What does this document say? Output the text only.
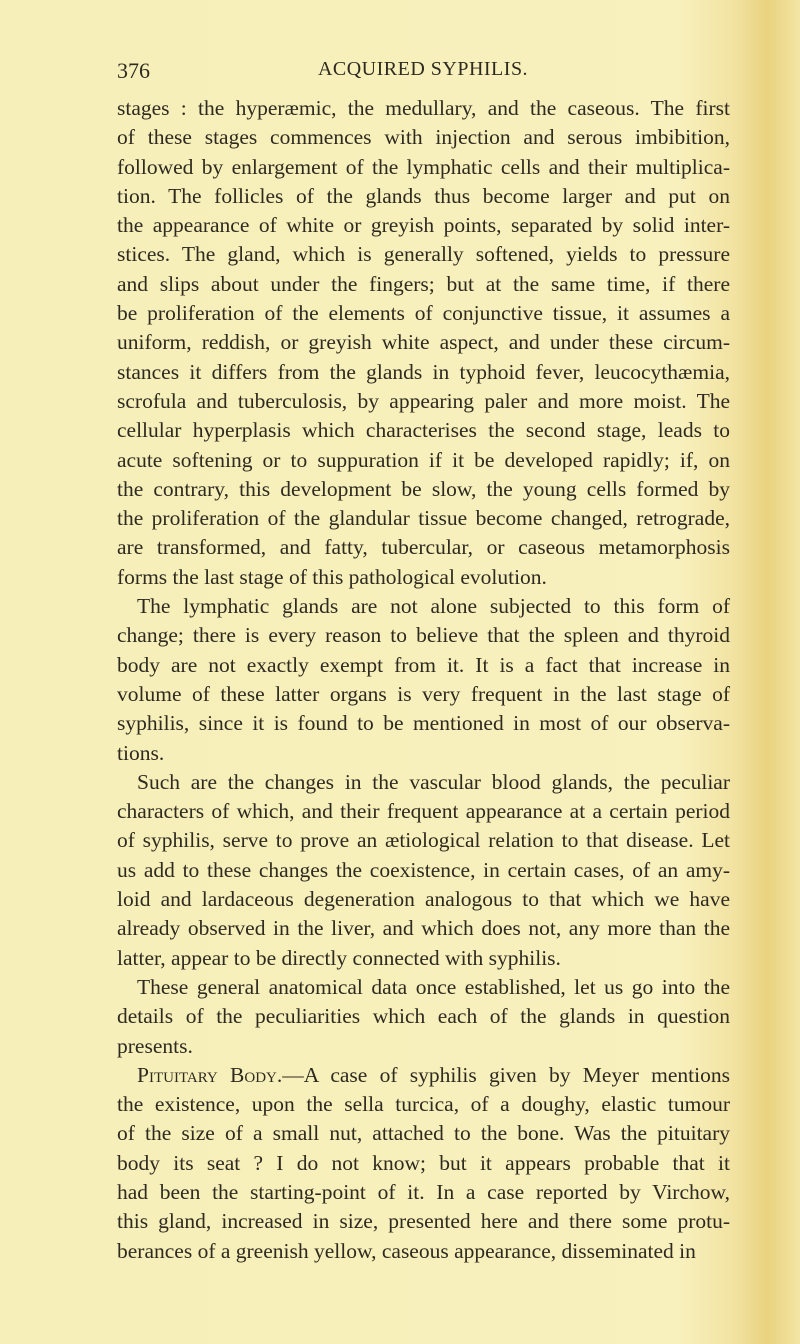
376	ACQUIRED SYPHILIS.
stages : the hyperæmic, the medullary, and the caseous. The first
of these stages commences with injection and serous imbibition,
followed by enlargement of the lymphatic cells and their multiplica-
tion. The follicles of the glands thus become larger and put on
the appearance of white or greyish points, separated by solid inter-
stices. The gland, which is generally softened, yields to pressure
and slips about under the fingers; but at the same time, if there
be proliferation of the elements of conjunctive tissue, it assumes a
uniform, reddish, or greyish white aspect, and under these circum-
stances it differs from the glands in typhoid fever, leucocythæmia,
scrofula and tuberculosis, by appearing paler and more moist. The
cellular hyperplasis which characterises the second stage, leads to
acute softening or to suppuration if it be developed rapidly; if, on
the contrary, this development be slow, the young cells formed by
the proliferation of the glandular tissue become changed, retrograde,
are transformed, and fatty, tubercular, or caseous metamorphosis
forms the last stage of this pathological evolution.
The lymphatic glands are not alone subjected to this form of
change; there is every reason to believe that the spleen and thyroid
body are not exactly exempt from it. It is a fact that increase in
volume of these latter organs is very frequent in the last stage of
syphilis, since it is found to be mentioned in most of our observa-
tions.
Such are the changes in the vascular blood glands, the peculiar
characters of which, and their frequent appearance at a certain period
of syphilis, serve to prove an ætiological relation to that disease. Let
us add to these changes the coexistence, in certain cases, of an amy-
loid and lardaceous degeneration analogous to that which we have
already observed in the liver, and which does not, any more than the
latter, appear to be directly connected with syphilis.
These general anatomical data once established, let us go into the
details of the peculiarities which each of the glands in question
presents.
Pituitary Body.—A case of syphilis given by Meyer mentions
the existence, upon the sella turcica, of a doughy, elastic tumour
of the size of a small nut, attached to the bone. Was the pituitary
body its seat ? I do not know; but it appears probable that it
had been the starting-point of it. In a case reported by Virchow,
this gland, increased in size, presented here and there some protu-
berances of a greenish yellow, caseous appearance, disseminated in
